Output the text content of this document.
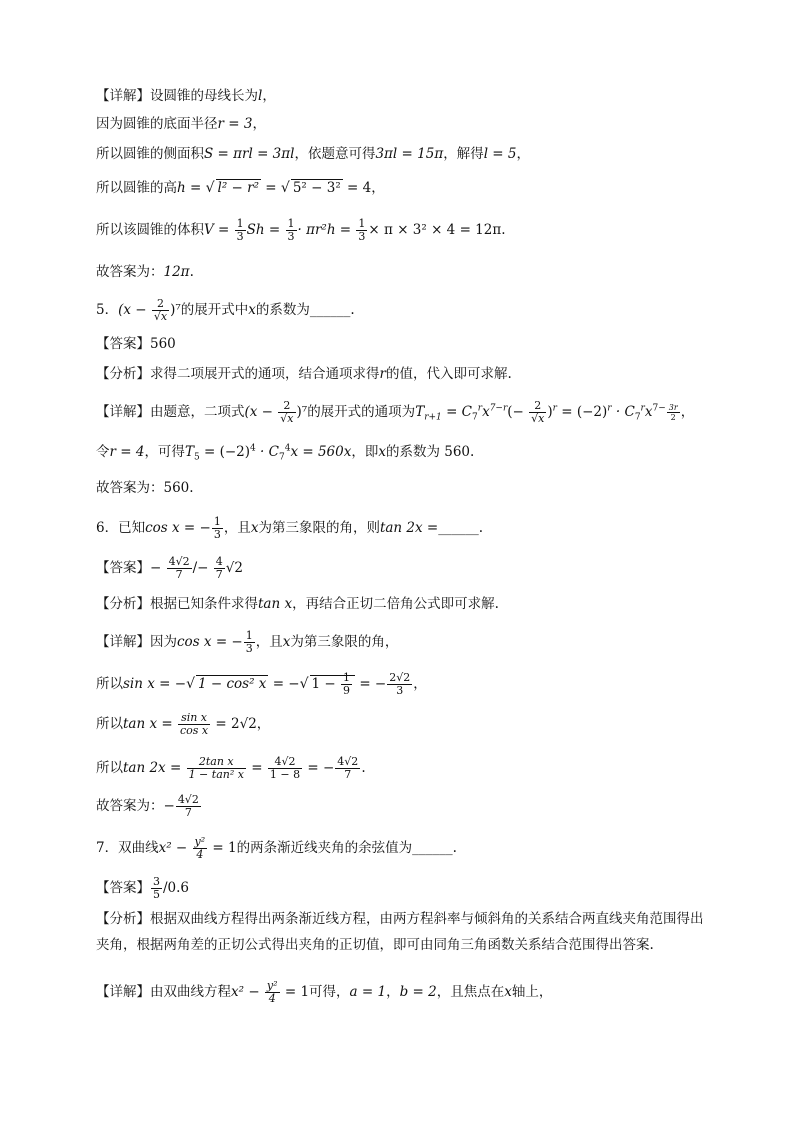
【详解】设圆锥的母线长为l，
因为圆锥的底面半径r = 3，
所以圆锥的侧面积S = πrl = 3πl，依题意可得3πl = 15π，解得l = 5，
所以圆锥的高h = √ l² − r² = √ 5² − 3² = 4，
所以该圆锥的体积$V = \frac{1}{3}$ $Sh = \frac{1}{3} \cdot \pi r^2h = \frac{1}{3} \times \pi \times 3^2 \times 4 = 12\pi$.
故答案为：12π.
5．$(x - \frac{2}{√x} )^7$的展开式中x的系数为______.
【答案】560
【分析】求得二项展开式的通项，结合通项求得r的值，代入即可求解.
【详解】由题意，二项式$(x - \frac{2}{√x} )^7$的展开式的通项为$T_{r+1} = C_7^rx^{7-r}(- \frac{2}{√x} )^r = (-2)^r \cdot C_7^rx^{7-} \frac{3r}{2}$ ，
令r = 4，可得$T_5 = (-2)^4 \cdot C_7^4x = 560x$，即x的系数为 560.
故答案为：560.
6．已知cos x = − $\frac{1}{3}$ ，且x为第三象限的角，则tan 2x =______.
【答案】− $\frac{4√2}{7} /- \frac{4}{7} √2$
【分析】根据已知条件求得tan x，再结合正切二倍角公式即可求解.
【详解】因为cos x = − $\frac{1}{3}$ ，且x为第三象限的角，
所以sin x = −√ 1 − cos² x = −√ $1 - \frac{1}{9}$ = − $\frac{2√2}{3}$ ，
所以$\tan x = \frac{\text{sin x}}{\text{cos x}} = 2√2$，
所以$\tan 2x = \frac{\text{2tan x}}{\text{1 − tan² x}} = \frac{4√2}{1 - 8}$ = − $\frac{4√2}{7}$ .
故答案为：− $\frac{4√2}{7}$
7．双曲线$x^2 - \frac{\text{y²}}{4} = 1$的两条渐近线夹角的余弦值为______.
【答案】 $\frac{3}{5} /0.6$
【分析】根据双曲线方程得出两条渐近线方程，由两方程斜率与倾斜角的关系结合两直线夹角范围得出夹角，根据两角差的正切公式得出夹角的正切值，即可由同角三角函数关系结合范围得出答案.
【详解】由双曲线方程$x^2 - \frac{\text{y²}}{4} = 1$可得，a = 1，b = 2，且焦点在x轴上，
